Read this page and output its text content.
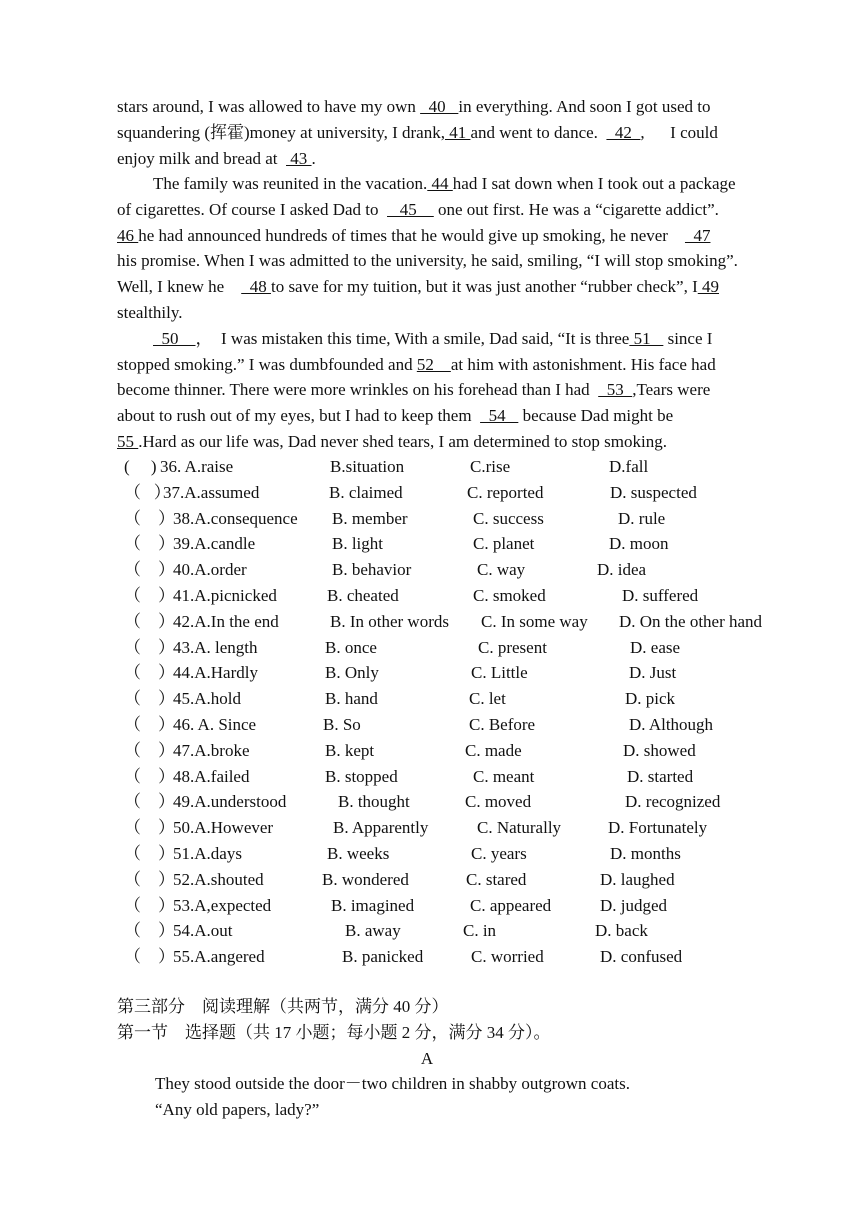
stars around, I was allowed to have my own   40   in everything. And soon I got used to
squandering (挥霍)money at university, I drank, 41 and went to dance.    42  ,      I could
enjoy milk and bread at   43 .
The family was reunited in the vacation. 44 had I sat down when I took out a package
of cigarettes. Of course I asked Dad to     45     one out first. He was a “cigarette addict”.
46 he had announced hundreds of times that he would give up smoking, he never      47
his promise. When I was admitted to the university, he said, smiling, “I will stop smoking”.
Well, I knew he      48 to save for my tuition, but it was just another “rubber check”, I 49
stealthily.
50    ，  I was mistaken this time, With a smile, Dad said, “It is three 51    since I
stopped smoking.” I was dumbfounded and 52    at him with astonishment. His face had
become thinner. There were more wrinkles on his forehead than I had    53  ,Tears were
about to rush out of my eyes, but I had to keep them    54    because Dad might be
55 .Hard as our life was, Dad never shed tears, I am determined to stop smoking.
(     ) 36. A.raise	B.situation	C.rise	D.fall
（   ）
37.A.assumed	B. claimed	C. reported	D. suspected
（    ）
38.A.consequence B. member	C. success	D. rule
（    ）
39.A.candle	B. light	C. planet	D. moon
（    ）
40.A.order	B. behavior	C. way	D. idea
（    ）
41.A.picnicked	B. cheated	C. smoked	D. suffered
（    ）
42.A.In the end	B. In other words C. In some way D. On the other hand
（    ）
43.A. length	B. once	C. present	D. ease
（    ）
44.A.Hardly	B. Only	C. Little	D. Just
（    ）
45.A.hold	B. hand	C. let	D. pick
（    ）
46. A. Since	B. So	C. Before	D. Although
（    ）
47.A.broke	B. kept	C. made	D. showed
（    ）
48.A.failed	B. stopped	C. meant	D. started
（    ）
49.A.understood	B. thought	C. moved	D. recognized
（    ）
50.A.However	B. Apparently	C. Naturally	D. Fortunately
（    ）
51.A.days	B. weeks	C. years	D. months
（    ）
52.A.shouted	B. wondered	C. stared	D. laughed
（    ）
53.A,expected	B. imagined	C. appeared	D. judged
（    ）
54.A.out	B. away	C. in	D. back
（    ）
55.A.angered	B. panicked	C. worried	D. confused
第三部分    阅读理解（共两节，满分 40 分）
第一节    选择题（共 17 小题；每小题 2 分，满分 34 分）。
A
They stood outside the door－two children in shabby outgrown coats.
“Any old papers, lady?”
